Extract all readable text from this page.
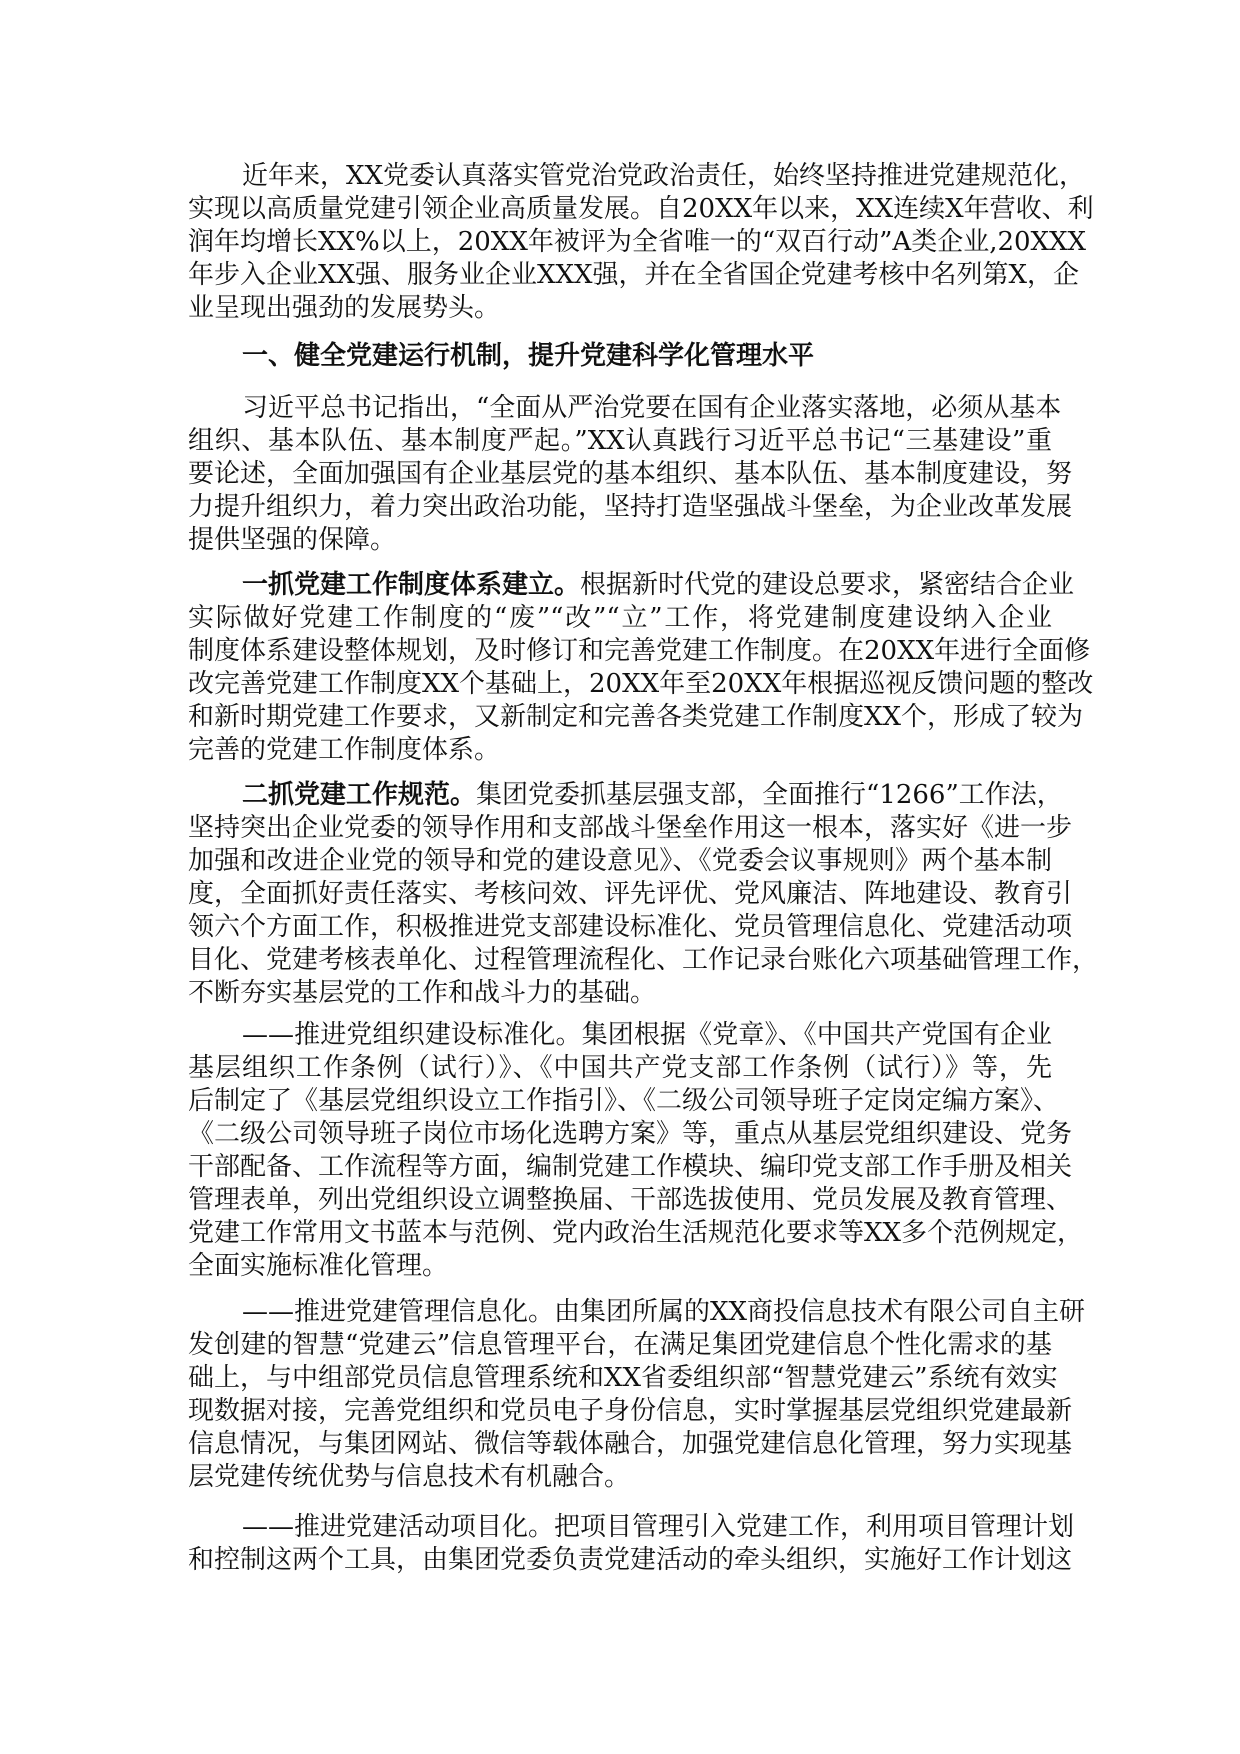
近年来，XX党委认真落实管党治党政治责任，始终坚持推进党建规范化，
实现以高质量党建引领企业高质量发展。自20XX年以来，XX连续X年营收、利
润年均增长XX%以上，20XX年被评为全省唯一的“双百行动”A类企业,20XXX
年步入企业XX强、服务业企业XXX强，并在全省国企党建考核中名列第X，企
业呈现出强劲的发展势头。
一、健全党建运行机制，提升党建科学化管理水平
习近平总书记指出，“全面从严治党要在国有企业落实落地，必须从基本
组织、基本队伍、基本制度严起。”XX认真践行习近平总书记“三基建设”重
要论述，全面加强国有企业基层党的基本组织、基本队伍、基本制度建设，努
力提升组织力，着力突出政治功能，坚持打造坚强战斗堡垒，为企业改革发展
提供坚强的保障。
一抓党建工作制度体系建立。 根据新时代党的建设总要求，紧密结合企业
实际做好党建工作制度的“废”“改”“立”工作，将党建制度建设纳入企业
制度体系建设整体规划，及时修订和完善党建工作制度。在20XX年进行全面修
改完善党建工作制度XX个基础上，20XX年至20XX年根据巡视反馈问题的整改
和新时期党建工作要求，又新制定和完善各类党建工作制度XX个，形成了较为
完善的党建工作制度体系。
二抓党建工作规范。 集团党委抓基层强支部，全面推行“1266”工作法，
坚持突出企业党委的领导作用和支部战斗堡垒作用这一根本，落实好《进一步
加强和改进企业党的领导和党的建设意见》、《党委会议事规则》两个基本制
度，全面抓好责任落实、考核问效、评先评优、党风廉洁、阵地建设、教育引
领六个方面工作，积极推进党支部建设标准化、党员管理信息化、党建活动项
目化、党建考核表单化、过程管理流程化、工作记录台账化六项基础管理工作，
不断夯实基层党的工作和战斗力的基础。
——推进党组织建设标准化。集团根据《党章》、《中国共产党国有企业
基层组织工作条例（试行）》、《中国共产党支部工作条例（试行）》等，先
后制定了《基层党组织设立工作指引》、《二级公司领导班子定岗定编方案》、
《二级公司领导班子岗位市场化选聘方案》等，重点从基层党组织建设、党务
干部配备、工作流程等方面，编制党建工作模块、编印党支部工作手册及相关
管理表单，列出党组织设立调整换届、干部选拔使用、党员发展及教育管理、
党建工作常用文书蓝本与范例、党内政治生活规范化要求等XX多个范例规定，
全面实施标准化管理。
——推进党建管理信息化。由集团所属的XX商投信息技术有限公司自主研
发创建的智慧“党建云”信息管理平台，在满足集团党建信息个性化需求的基
础上，与中组部党员信息管理系统和XX省委组织部“智慧党建云”系统有效实
现数据对接，完善党组织和党员电子身份信息，实时掌握基层党组织党建最新
信息情况，与集团网站、微信等载体融合，加强党建信息化管理，努力实现基
层党建传统优势与信息技术有机融合。
——推进党建活动项目化。把项目管理引入党建工作，利用项目管理计划
和控制这两个工具，由集团党委负责党建活动的牵头组织，实施好工作计划这
